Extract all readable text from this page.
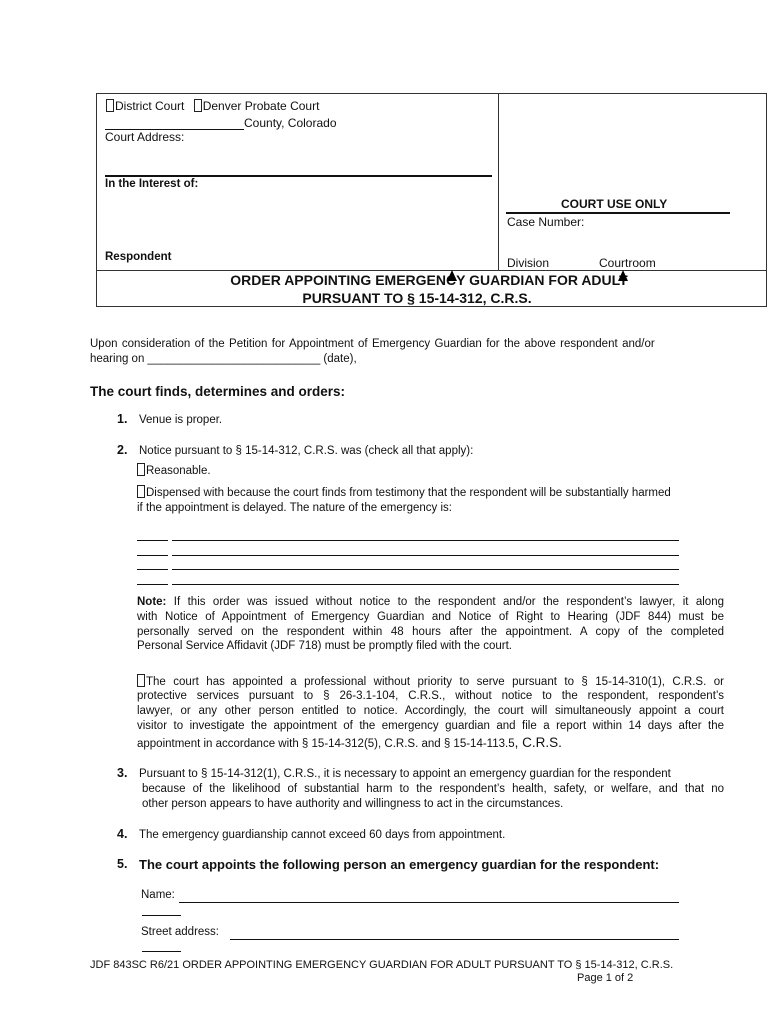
District Court Denver Probate Court
County, Colorado
Court Address:
In the Interest of:
Respondent
COURT USE ONLY
Case Number:
Division	Courtroom
ORDER APPOINTING EMERGENCY GUARDIAN FOR ADULT
PURSUANT TO § 15-14-312, C.R.S.
Upon consideration of the Petition for Appointment of Emergency Guardian for the above respondent and/or
hearing on ___________________________ (date),
The court finds, determines and orders:
1. Venue is proper.
2. Notice pursuant to § 15-14-312, C.R.S. was (check all that apply):
Reasonable.
Dispensed with because the court finds from testimony that the respondent will be substantially harmed
if the appointment is delayed. The nature of the emergency is:
Note: If this order was issued without notice to the respondent and/or the respondent’s lawyer, it along
with Notice of Appointment of Emergency Guardian and Notice of Right to Hearing (JDF 844) must be
personally served on the respondent within 48 hours after the appointment. A copy of the completed
Personal Service Affidavit (JDF 718) must be promptly filed with the court.
The court has appointed a professional without priority to serve pursuant to § 15-14-310(1), C.R.S. or
protective services pursuant to § 26-3.1-104, C.R.S., without notice to the respondent, respondent’s
lawyer, or any other person entitled to notice. Accordingly, the court will simultaneously appoint a court
visitor to investigate the appointment of the emergency guardian and file a report within 14 days after the
appointment in accordance with § 15-14-312(5), C.R.S. and § 15-14-113.5, C.R.S.
3. Pursuant to § 15-14-312(1), C.R.S., it is necessary to appoint an emergency guardian for the respondent
because of the likelihood of substantial harm to the respondent’s health, safety, or welfare, and that no
other person appears to have authority and willingness to act in the circumstances.
4. The emergency guardianship cannot exceed 60 days from appointment.
5. The court appoints the following person an emergency guardian for the respondent:
Name:
Street address:
JDF 843SC R6/21 ORDER APPOINTING EMERGENCY GUARDIAN FOR ADULT PURSUANT TO § 15-14-312, C.R.S.
Page 1 of 2
